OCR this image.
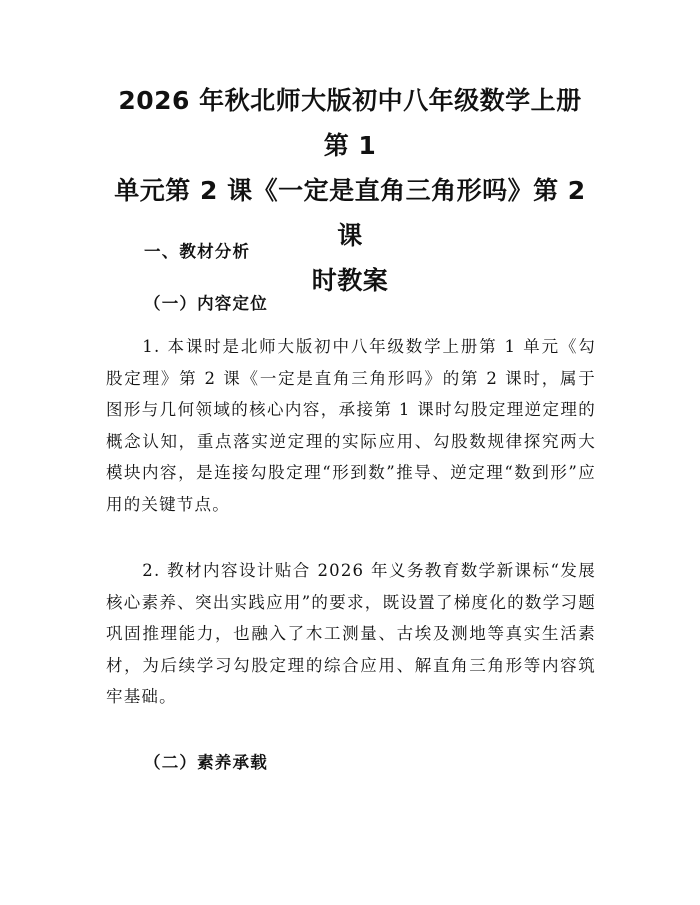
2026 年秋北师大版初中八年级数学上册第 1
单元第 2 课《一定是直角三角形吗》第 2 课
时教案
一、教材分析
（一）内容定位

1. 本课时是北师大版初中八年级数学上册第 1 单元《勾股定理》第 2 课《一定是直角三角形吗》的第 2 课时，属于图形与几何领域的核心内容，承接第 1 课时勾股定理逆定理的概念认知，重点落实逆定理的实际应用、勾股数规律探究两大模块内容，是连接勾股定理“形到数”推导、逆定理“数到形”应用的关键节点。

2. 教材内容设计贴合 2026 年义务教育数学新课标“发展核心素养、突出实践应用”的要求，既设置了梯度化的数学习题巩固推理能力，也融入了木工测量、古埃及测地等真实生活素材，为后续学习勾股定理的综合应用、解直角三角形等内容筑牢基础。

（二）素养承载
